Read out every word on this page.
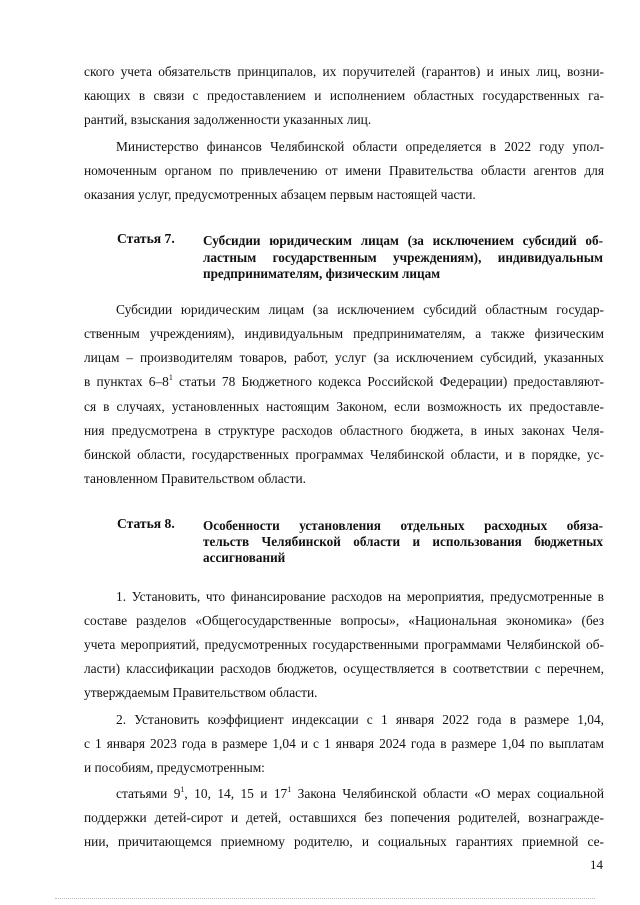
ского учета обязательств принципалов, их поручителей (гарантов) и иных лиц, возни-
кающих в связи с предоставлением и исполнением областных государственных га-
рантий, взыскания задолженности указанных лиц.
Министерство финансов Челябинской области определяется в 2022 году упол-
номоченным органом по привлечению от имени Правительства области агентов для
оказания услуг, предусмотренных абзацем первым настоящей части.
Статья 7. Субсидии юридическим лицам (за исключением субсидий об-
ластным государственным учреждениям), индивидуальным
предпринимателям, физическим лицам
Субсидии юридическим лицам (за исключением субсидий областным государ-
ственным учреждениям), индивидуальным предпринимателям, а также физическим
лицам – производителям товаров, работ, услуг (за исключением субсидий, указанных
в пунктах $6-8^1$ статьи 78 Бюджетного кодекса Российской Федерации) предоставляют-
ся в случаях, установленных настоящим Законом, если возможность их предоставле-
ния предусмотрена в структуре расходов областного бюджета, в иных законах Челя-
бинской области, государственных программах Челябинской области, и в порядке, ус-
тановленном Правительством области.
Статья 8. Особенности установления отдельных расходных обяза-
тельств Челябинской области и использования бюджетных
ассигнований
1. Установить, что финансирование расходов на мероприятия, предусмотренные в
составе разделов «Общегосударственные вопросы», «Национальная экономика» (без
учета мероприятий, предусмотренных государственными программами Челябинской об-
ласти) классификации расходов бюджетов, осуществляется в соответствии с перечнем,
утверждаемым Правительством области.
2. Установить коэффициент индексации с 1 января 2022 года в размере 1,04,
с 1 января 2023 года в размере 1,04 и с 1 января 2024 года в размере 1,04 по выплатам
и пособиям, предусмотренным:
статьями $9^1$, 10, 14, 15 и $17^1$ Закона Челябинской области «О мерах социальной
поддержки детей-сирот и детей, оставшихся без попечения родителей, вознагражде-
нии, причитающемся приемному родителю, и социальных гарантиях приемной се-
14
